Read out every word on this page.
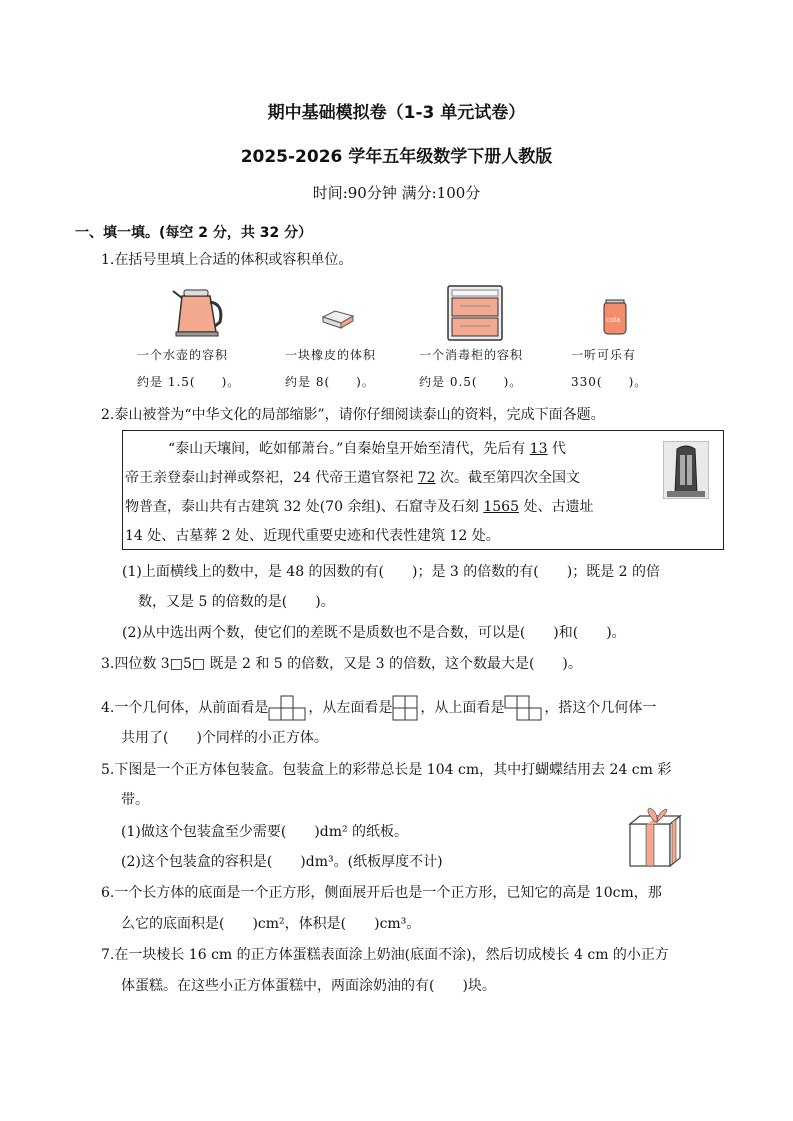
期中基础模拟卷（1-3 单元试卷）
2025-2026 学年五年级数学下册人教版
时间:90分钟 满分:100分
一、填一填。(每空 2 分，共 32 分）
1.在括号里填上合适的体积或容积单位。
cola
一个水壶的容积
约是 1.5(　　)。
一块橡皮的体积
约是 8(　　)。
一个消毒柜的容积
约是 0.5(　　)。
一听可乐有
330(　　)。
2.泰山被誉为“中华文化的局部缩影”，请你仔细阅读泰山的资料，完成下面各题。
“泰山天壤间，屹如郁萧台。”自秦始皇开始至清代，先后有 13 代
帝王亲登泰山封禅或祭祀，24 代帝王遣官祭祀 72 次。截至第四次全国文
物普查，泰山共有古建筑 32 处(70 余组)、石窟寺及石刻 1565 处、古遗址
14 处、古墓葬 2 处、近现代重要史迹和代表性建筑 12 处。
(1)上面横线上的数中，是 48 的因数的有(　　)；是 3 的倍数的有(　　)；既是 2 的倍
数，又是 5 的倍数的是(　　)。
(2)从中选出两个数，使它们的差既不是质数也不是合数，可以是(　　)和(　　)。
3.四位数 3□5□ 既是 2 和 5 的倍数，又是 3 的倍数，这个数最大是(　　)。
4.一个几何体，从前面看是	，从左面看是 ，从上面看是	，搭这个几何体一
共用了(　　)个同样的小正方体。
5.下图是一个正方体包装盒。包装盒上的彩带总长是 104 cm，其中打蝴蝶结用去 24 cm 彩
带。
(1)做这个包装盒至少需要(　　)dm² 的纸板。
(2)这个包装盒的容积是(　　)dm³。(纸板厚度不计)
6.一个长方体的底面是一个正方形，侧面展开后也是一个正方形，已知它的高是 10cm，那
么它的底面积是(　　)cm²，体积是(　　)cm³。
7.在一块棱长 16 cm 的正方体蛋糕表面涂上奶油(底面不涂)，然后切成棱长 4 cm 的小正方
体蛋糕。在这些小正方体蛋糕中，两面涂奶油的有(　　)块。
